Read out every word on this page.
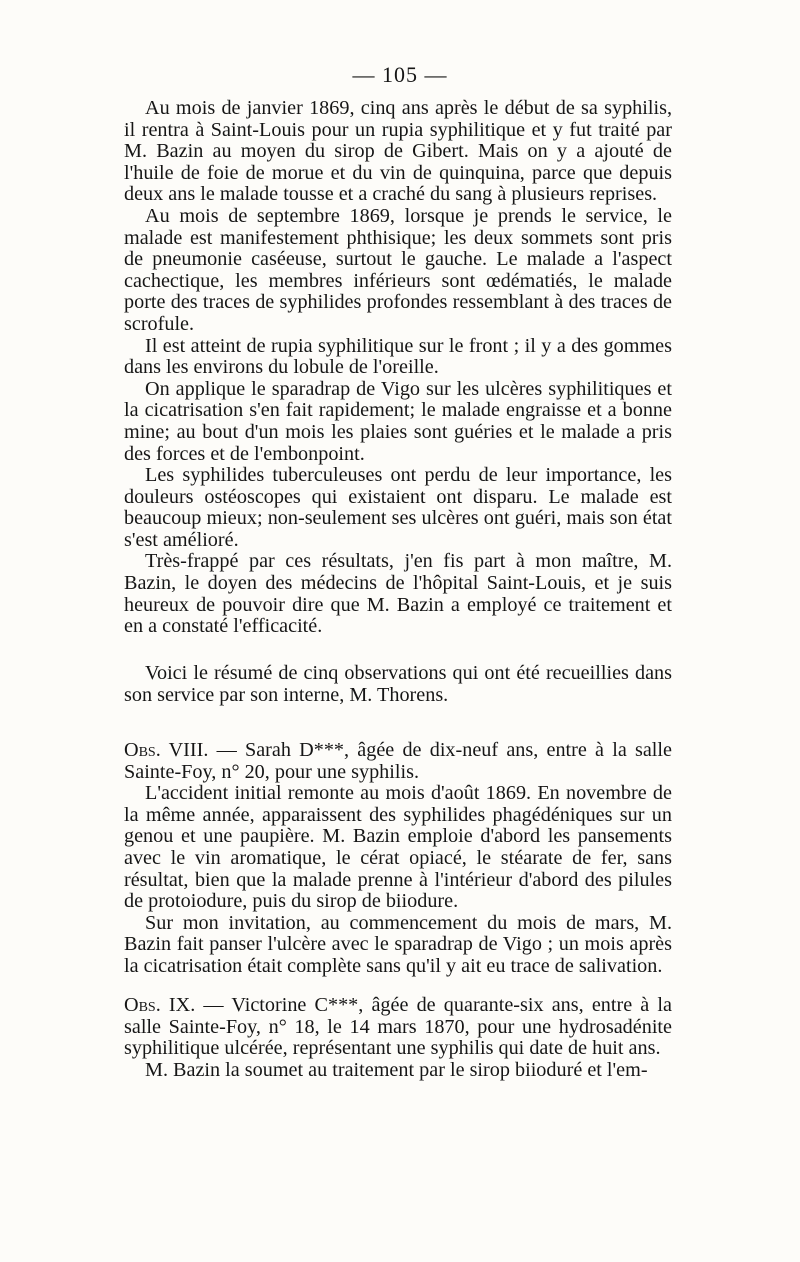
— 105 —

Au mois de janvier 1869, cinq ans après le début de sa syphilis, il rentra à Saint-Louis pour un rupia syphilitique et y fut traité par M. Bazin au moyen du sirop de Gibert. Mais on y a ajouté de l'huile de foie de morue et du vin de quinquina, parce que depuis deux ans le malade tousse et a craché du sang à plusieurs reprises.

Au mois de septembre 1869, lorsque je prends le service, le malade est manifestement phthisique; les deux sommets sont pris de pneumonie caséeuse, surtout le gauche. Le malade a l'aspect cachectique, les membres inférieurs sont œdématiés, le malade porte des traces de syphilides profondes ressemblant à des traces de scrofule.

Il est atteint de rupia syphilitique sur le front ; il y a des gommes dans les environs du lobule de l'oreille.

On applique le sparadrap de Vigo sur les ulcères syphilitiques et la cicatrisation s'en fait rapidement; le malade engraisse et a bonne mine; au bout d'un mois les plaies sont guéries et le malade a pris des forces et de l'embonpoint.

Les syphilides tuberculeuses ont perdu de leur importance, les douleurs ostéoscopes qui existaient ont disparu. Le malade est beaucoup mieux; non-seulement ses ulcères ont guéri, mais son état s'est amélioré.

Très-frappé par ces résultats, j'en fis part à mon maître, M. Bazin, le doyen des médecins de l'hôpital Saint-Louis, et je suis heureux de pouvoir dire que M. Bazin a employé ce traitement et en a constaté l'efficacité.

Voici le résumé de cinq observations qui ont été recueillies dans son service par son interne, M. Thorens.

Obs. VIII. — Sarah D***, âgée de dix-neuf ans, entre à la salle Sainte-Foy, n° 20, pour une syphilis.

L'accident initial remonte au mois d'août 1869. En novembre de la même année, apparaissent des syphilides phagédéniques sur un genou et une paupière. M. Bazin emploie d'abord les pansements avec le vin aromatique, le cérat opiacé, le stéarate de fer, sans résultat, bien que la malade prenne à l'intérieur d'abord des pilules de protoiodure, puis du sirop de biiodure.

Sur mon invitation, au commencement du mois de mars, M. Bazin fait panser l'ulcère avec le sparadrap de Vigo ; un mois après la cicatrisation était complète sans qu'il y ait eu trace de salivation.

Obs. IX. — Victorine C***, âgée de quarante-six ans, entre à la salle Sainte-Foy, n° 18, le 14 mars 1870, pour une hydrosadénite syphilitique ulcérée, représentant une syphilis qui date de huit ans.

M. Bazin la soumet au traitement par le sirop biioduré et l'em-
